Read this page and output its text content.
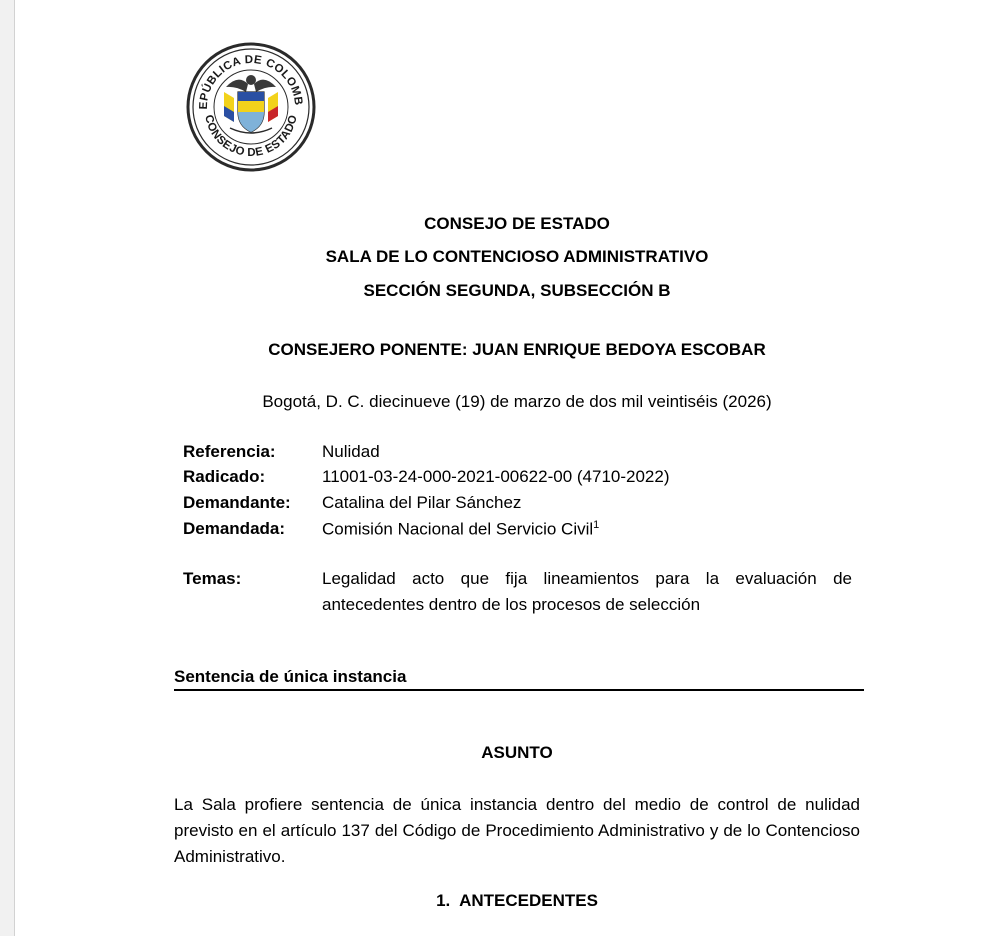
EPÚBLICA DE COLOMB
CONSEJO DE ESTADO
CONSEJO DE ESTADO
SALA DE LO CONTENCIOSO ADMINISTRATIVO
SECCIÓN SEGUNDA, SUBSECCIÓN B
CONSEJERO PONENTE: JUAN ENRIQUE BEDOYA ESCOBAR
Bogotá, D. C. diecinueve (19) de marzo de dos mil veintiséis (2026)
Referencia:	Nulidad
Radicado:	11001-03-24-000-2021-00622-00 (4710-2022)
Demandante: Catalina del Pilar Sánchez
Demandada: Comisión Nacional del Servicio Civil$^1$
Temas:	Legalidad acto que fija lineamientos para la evaluación de antecedentes dentro de los procesos de selección
Sentencia de única instancia
ASUNTO
La Sala profiere sentencia de única instancia dentro del medio de control de nulidad previsto en el artículo 137 del Código de Procedimiento Administrativo y de lo Contencioso Administrativo.
1.  ANTECEDENTES
